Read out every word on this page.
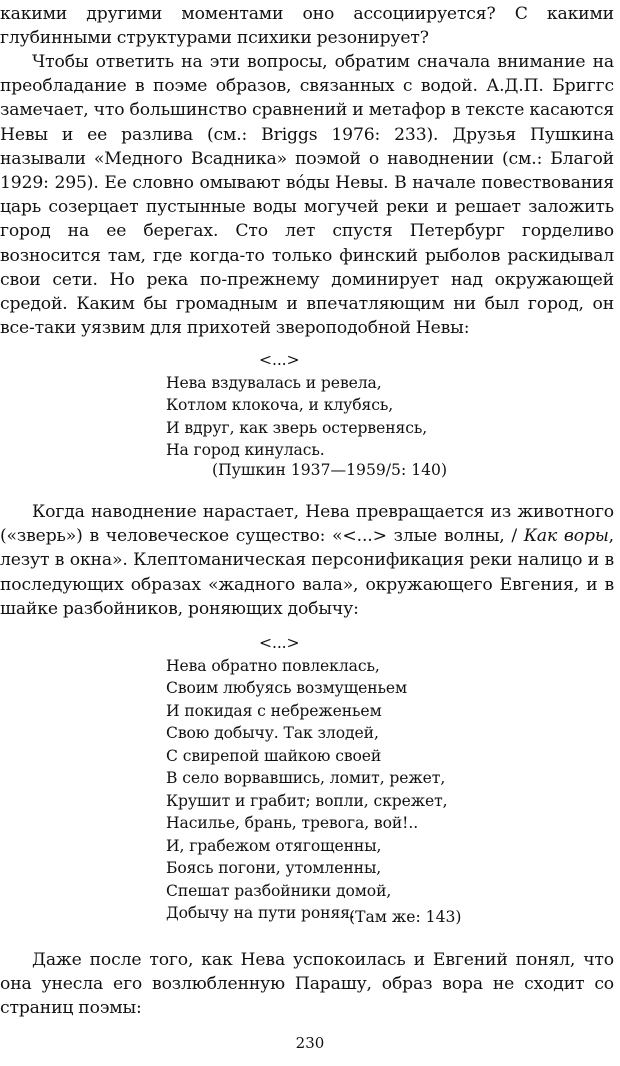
какими другими моментами оно ассоциируется? С какими глубинными структурами психики резонирует?

Чтобы ответить на эти вопросы, обратим сначала внимание на преобладание в поэме образов, связанных с водой. А.Д.П. Бриггс замечает, что большинство сравнений и метафор в тексте касаются Невы и ее разлива (см.: Briggs 1976: 233). Друзья Пушкина называли «Медного Всадника» поэмой о наводнении (см.: Благой 1929: 295). Ее словно омывают вóды Невы. В начале повествования царь созерцает пустынные воды могучей реки и решает заложить город на ее берегах. Сто лет спустя Петербург горделиво возносится там, где когда-то только финский рыболов раскидывал свои сети. Но река по-прежнему доминирует над окружающей средой. Каким бы громадным и впечатляющим ни был город, он все-таки уязвим для прихотей звероподобной Невы:

<...>
Нева вздувалась и ревела,
Котлом клокоча, и клубясь,
И вдруг, как зверь остервенясь,
На город кинулась.
(Пушкин 1937—1959/5: 140)

Когда наводнение нарастает, Нева превращается из животного («зверь») в человеческое существо: «<...> злые волны, / Как воры, лезут в окна». Клептоманическая персонификация реки налицо и в последующих образах «жадного вала», окружающего Евгения, и в шайке разбойников, роняющих добычу:

<...>
Нева обратно повлеклась,
Своим любуясь возмущеньем
И покидая с небреженьем
Свою добычу. Так злодей,
С свирепой шайкою своей
В село ворвавшись, ломит, режет,
Крушит и грабит; вопли, скрежет,
Насилье, брань, тревога, вой!..
И, грабежом отягощенны,
Боясь погони, утомленны,
Спешат разбойники домой,
Добычу на пути роняя.
(Там же: 143)

Даже после того, как Нева успокоилась и Евгений понял, что она унесла его возлюбленную Парашу, образ вора не сходит со страниц поэмы:

230
